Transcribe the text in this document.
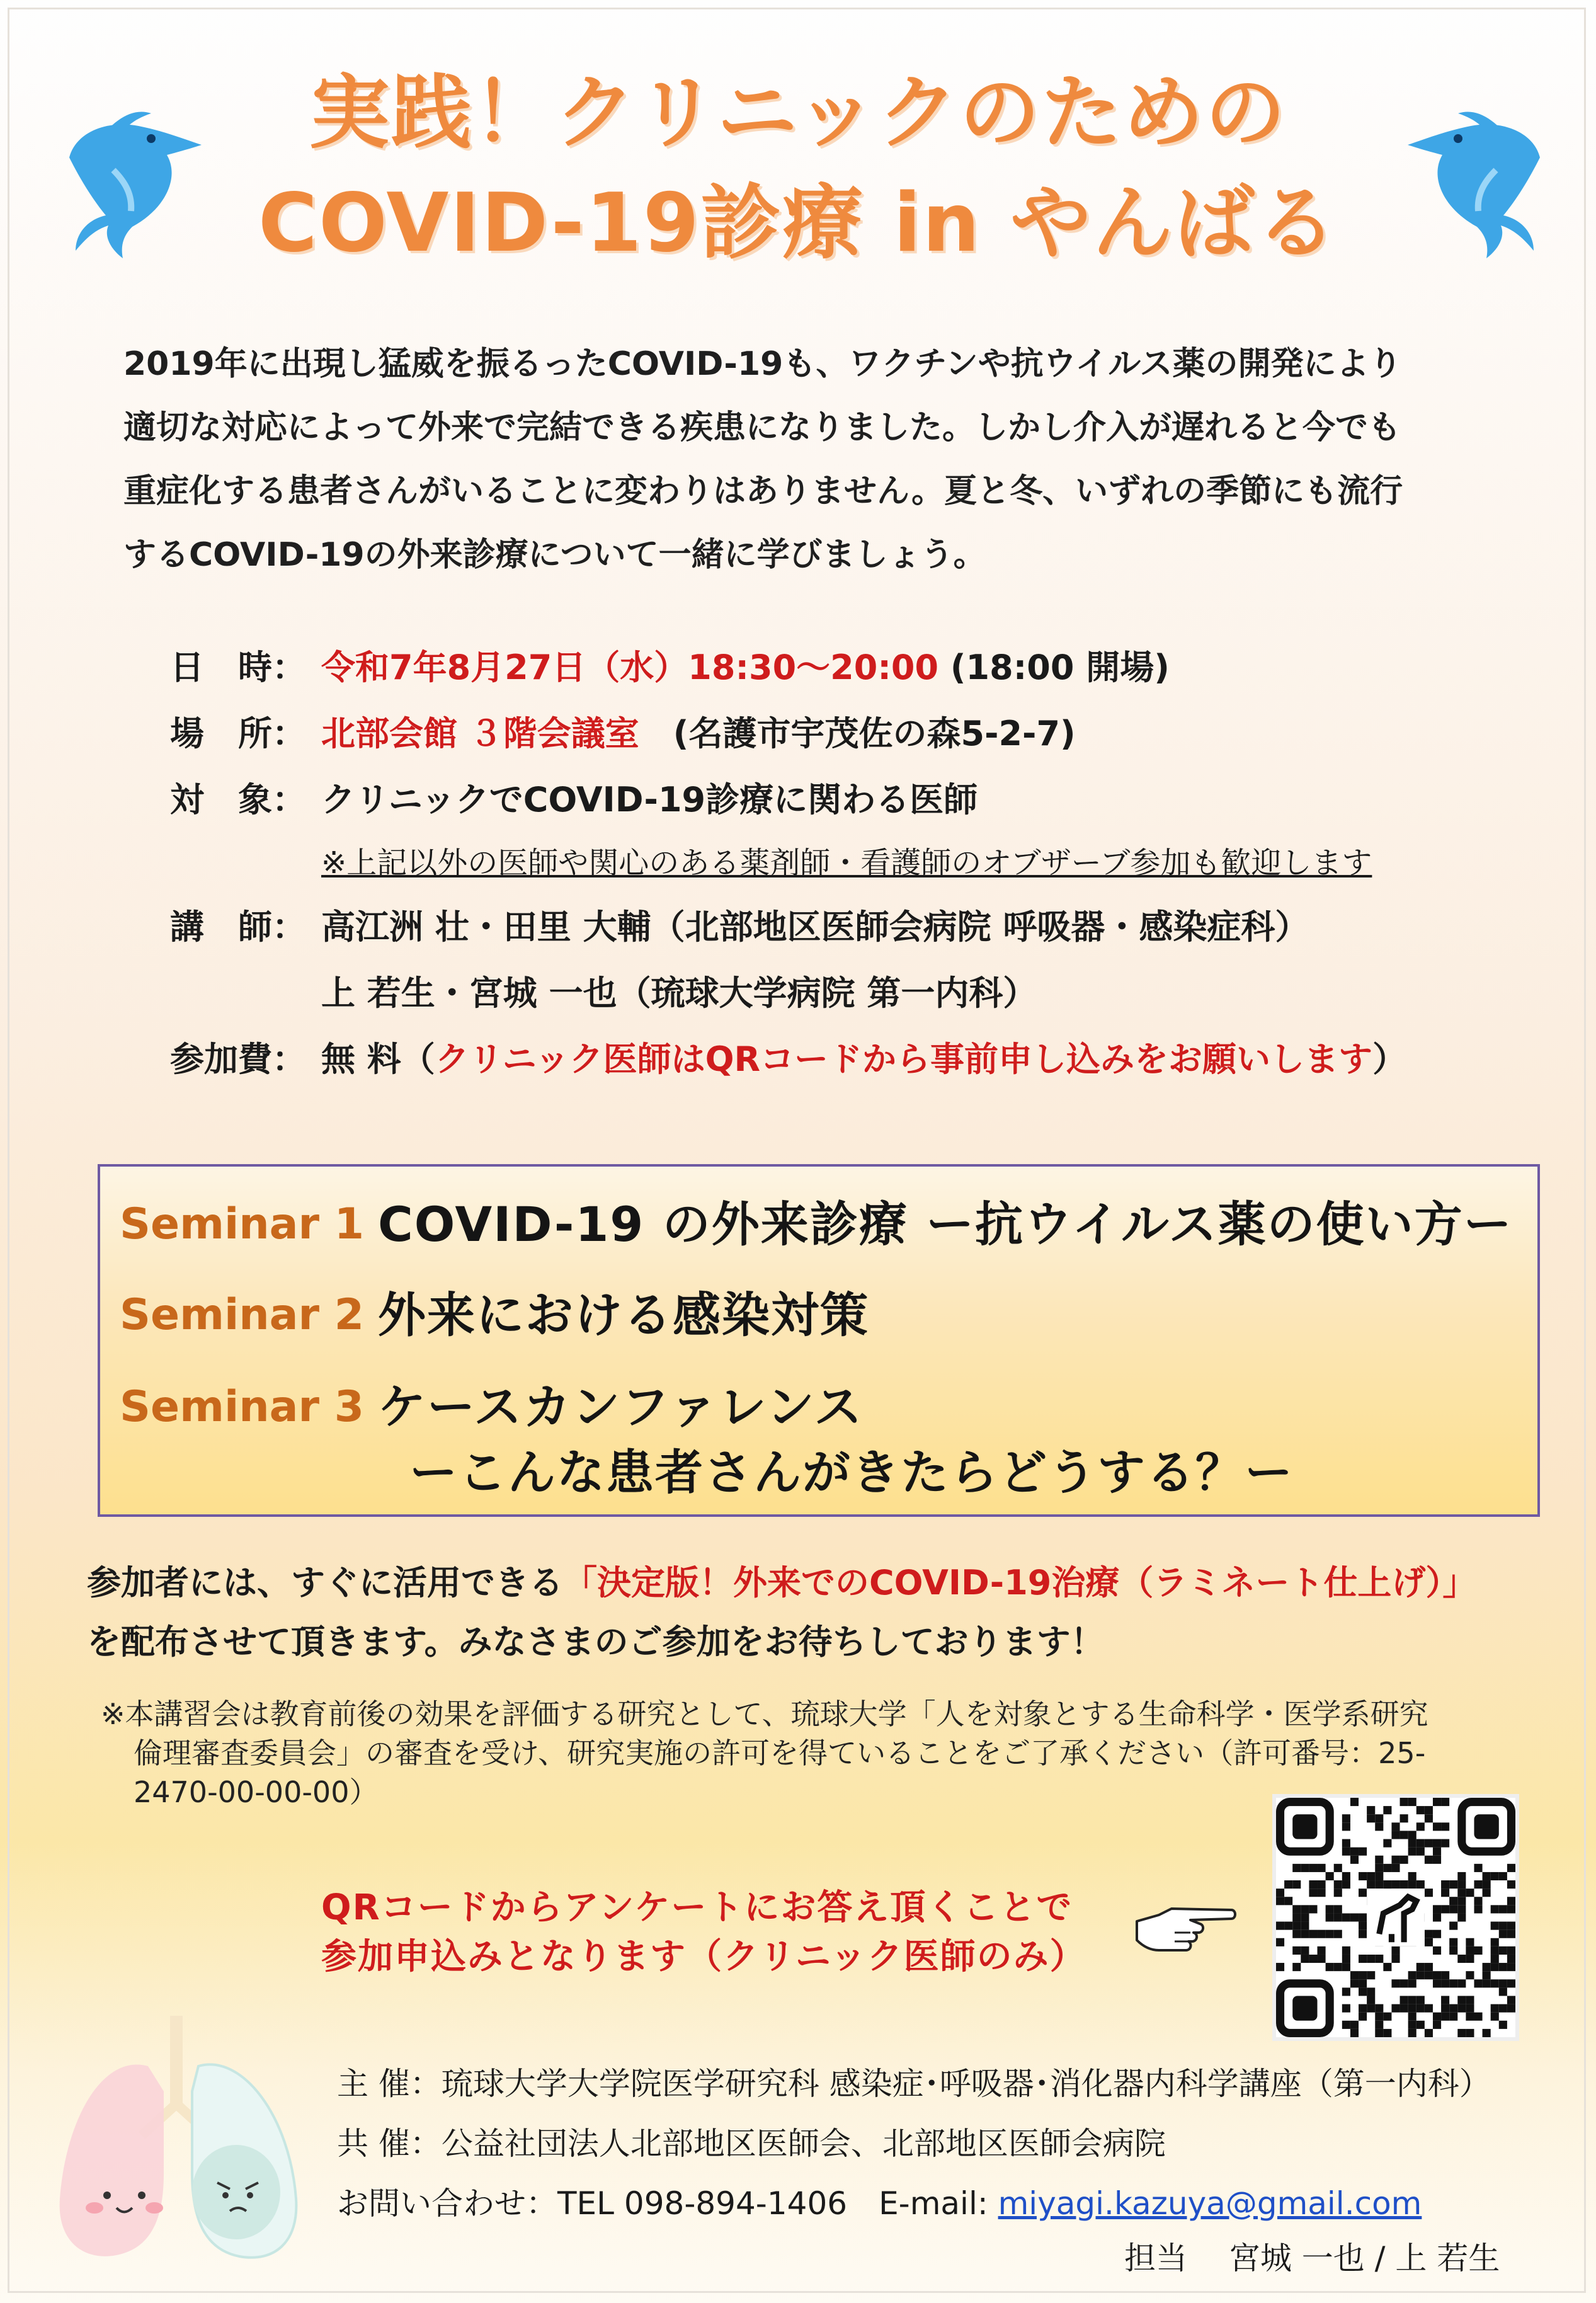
実践！クリニックのための
COVID-19診療 in やんばる
2019年に出現し猛威を振るったCOVID-19も、ワクチンや抗ウイルス薬の開発により
適切な対応によって外来で完結できる疾患になりました。しかし介入が遅れると今でも
重症化する患者さんがいることに変わりはありません。夏と冬、いずれの季節にも流行
するCOVID-19の外来診療について一緒に学びましょう。
日　時： 令和7年8月27日（水）18:30～20:00 (18:00 開場)
場　所： 北部会館 ３階会議室　(名護市宇茂佐の森5-2-7)
対　象： クリニックでCOVID-19診療に関わる医師
※上記以外の医師や関心のある薬剤師・看護師のオブザーブ参加も歓迎します
講　師： 高江洲 壮・田里 大輔（北部地区医師会病院 呼吸器・感染症科）
上 若生・宮城 一也（琉球大学病院 第一内科）
参加費： 無 料（クリニック医師はQRコードから事前申し込みをお願いします）
Seminar 1 COVID-19 の外来診療 ー抗ウイルス薬の使い方ー
Seminar 2 外来における感染対策
Seminar 3 ケースカンファレンス
ーこんな患者さんがきたらどうする？ー
参加者には、すぐに活用できる「決定版！外来でのCOVID-19治療（ラミネート仕上げ）」
を配布させて頂きます。みなさまのご参加をお待ちしております！
※本講習会は教育前後の効果を評価する研究として、琉球大学「人を対象とする生命科学・医学系研究
倫理審査委員会」の審査を受け、研究実施の許可を得ていることをご了承ください（許可番号：25-
2470-00-00-00）
QRコードからアンケートにお答え頂くことで
参加申込みとなります（クリニック医師のみ）
主 催：琉球大学大学院医学研究科 感染症･呼吸器･消化器内科学講座（第一内科）
共 催：公益社団法人北部地区医師会、北部地区医師会病院
お問い合わせ：TEL 098-894-1406　E-mail: miyagi.kazuya@gmail.com
担当　 宮城 一也 / 上 若生
